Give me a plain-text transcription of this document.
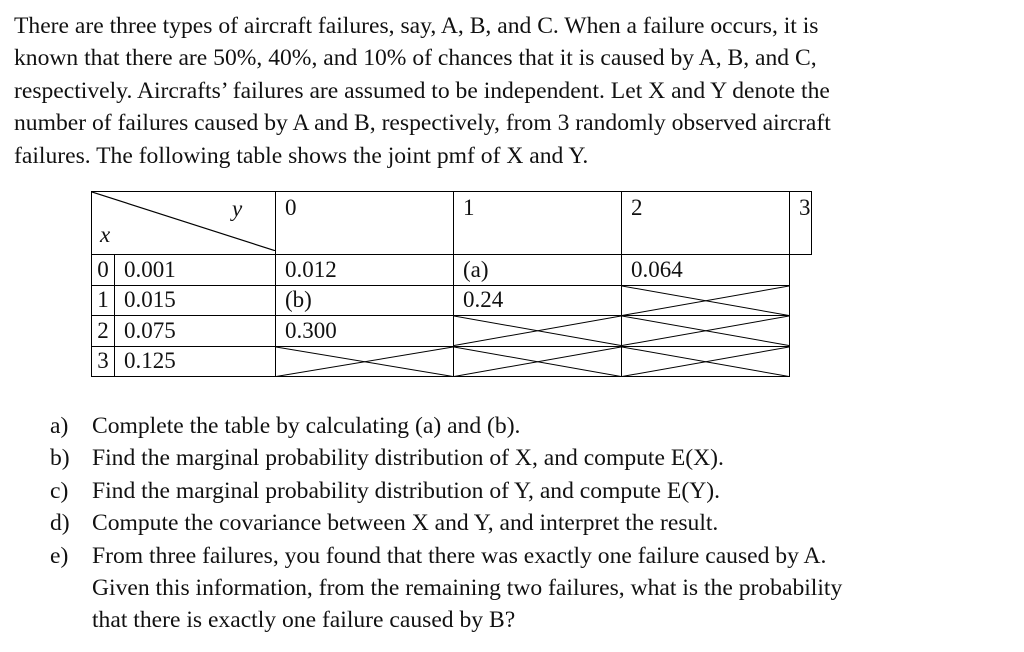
There are three types of aircraft failures, say, A, B, and C. When a failure occurs, it is
known that there are 50%, 40%, and 10% of chances that it is caused by A, B, and C,
respectively. Aircrafts’ failures are assumed to be independent. Let X and Y denote the
number of failures caused by A and B, respectively, from 3 randomly observed aircraft
failures. The following table shows the joint pmf of X and Y.
y
x		0	1	2	3
0	0.001	0.012	(a)	0.064	
1	0.015	(b)	0.24	

2	0.075	0.300	

3	0.125	

a)	Complete the table by calculating (a) and (b).
b) Find the marginal probability distribution of X, and compute E(X).
c)	Find the marginal probability distribution of Y, and compute E(Y).
d) Compute the covariance between X and Y, and interpret the result.
e)	From three failures, you found that there was exactly one failure caused by A.
Given this information, from the remaining two failures, what is the probability
that there is exactly one failure caused by B?
